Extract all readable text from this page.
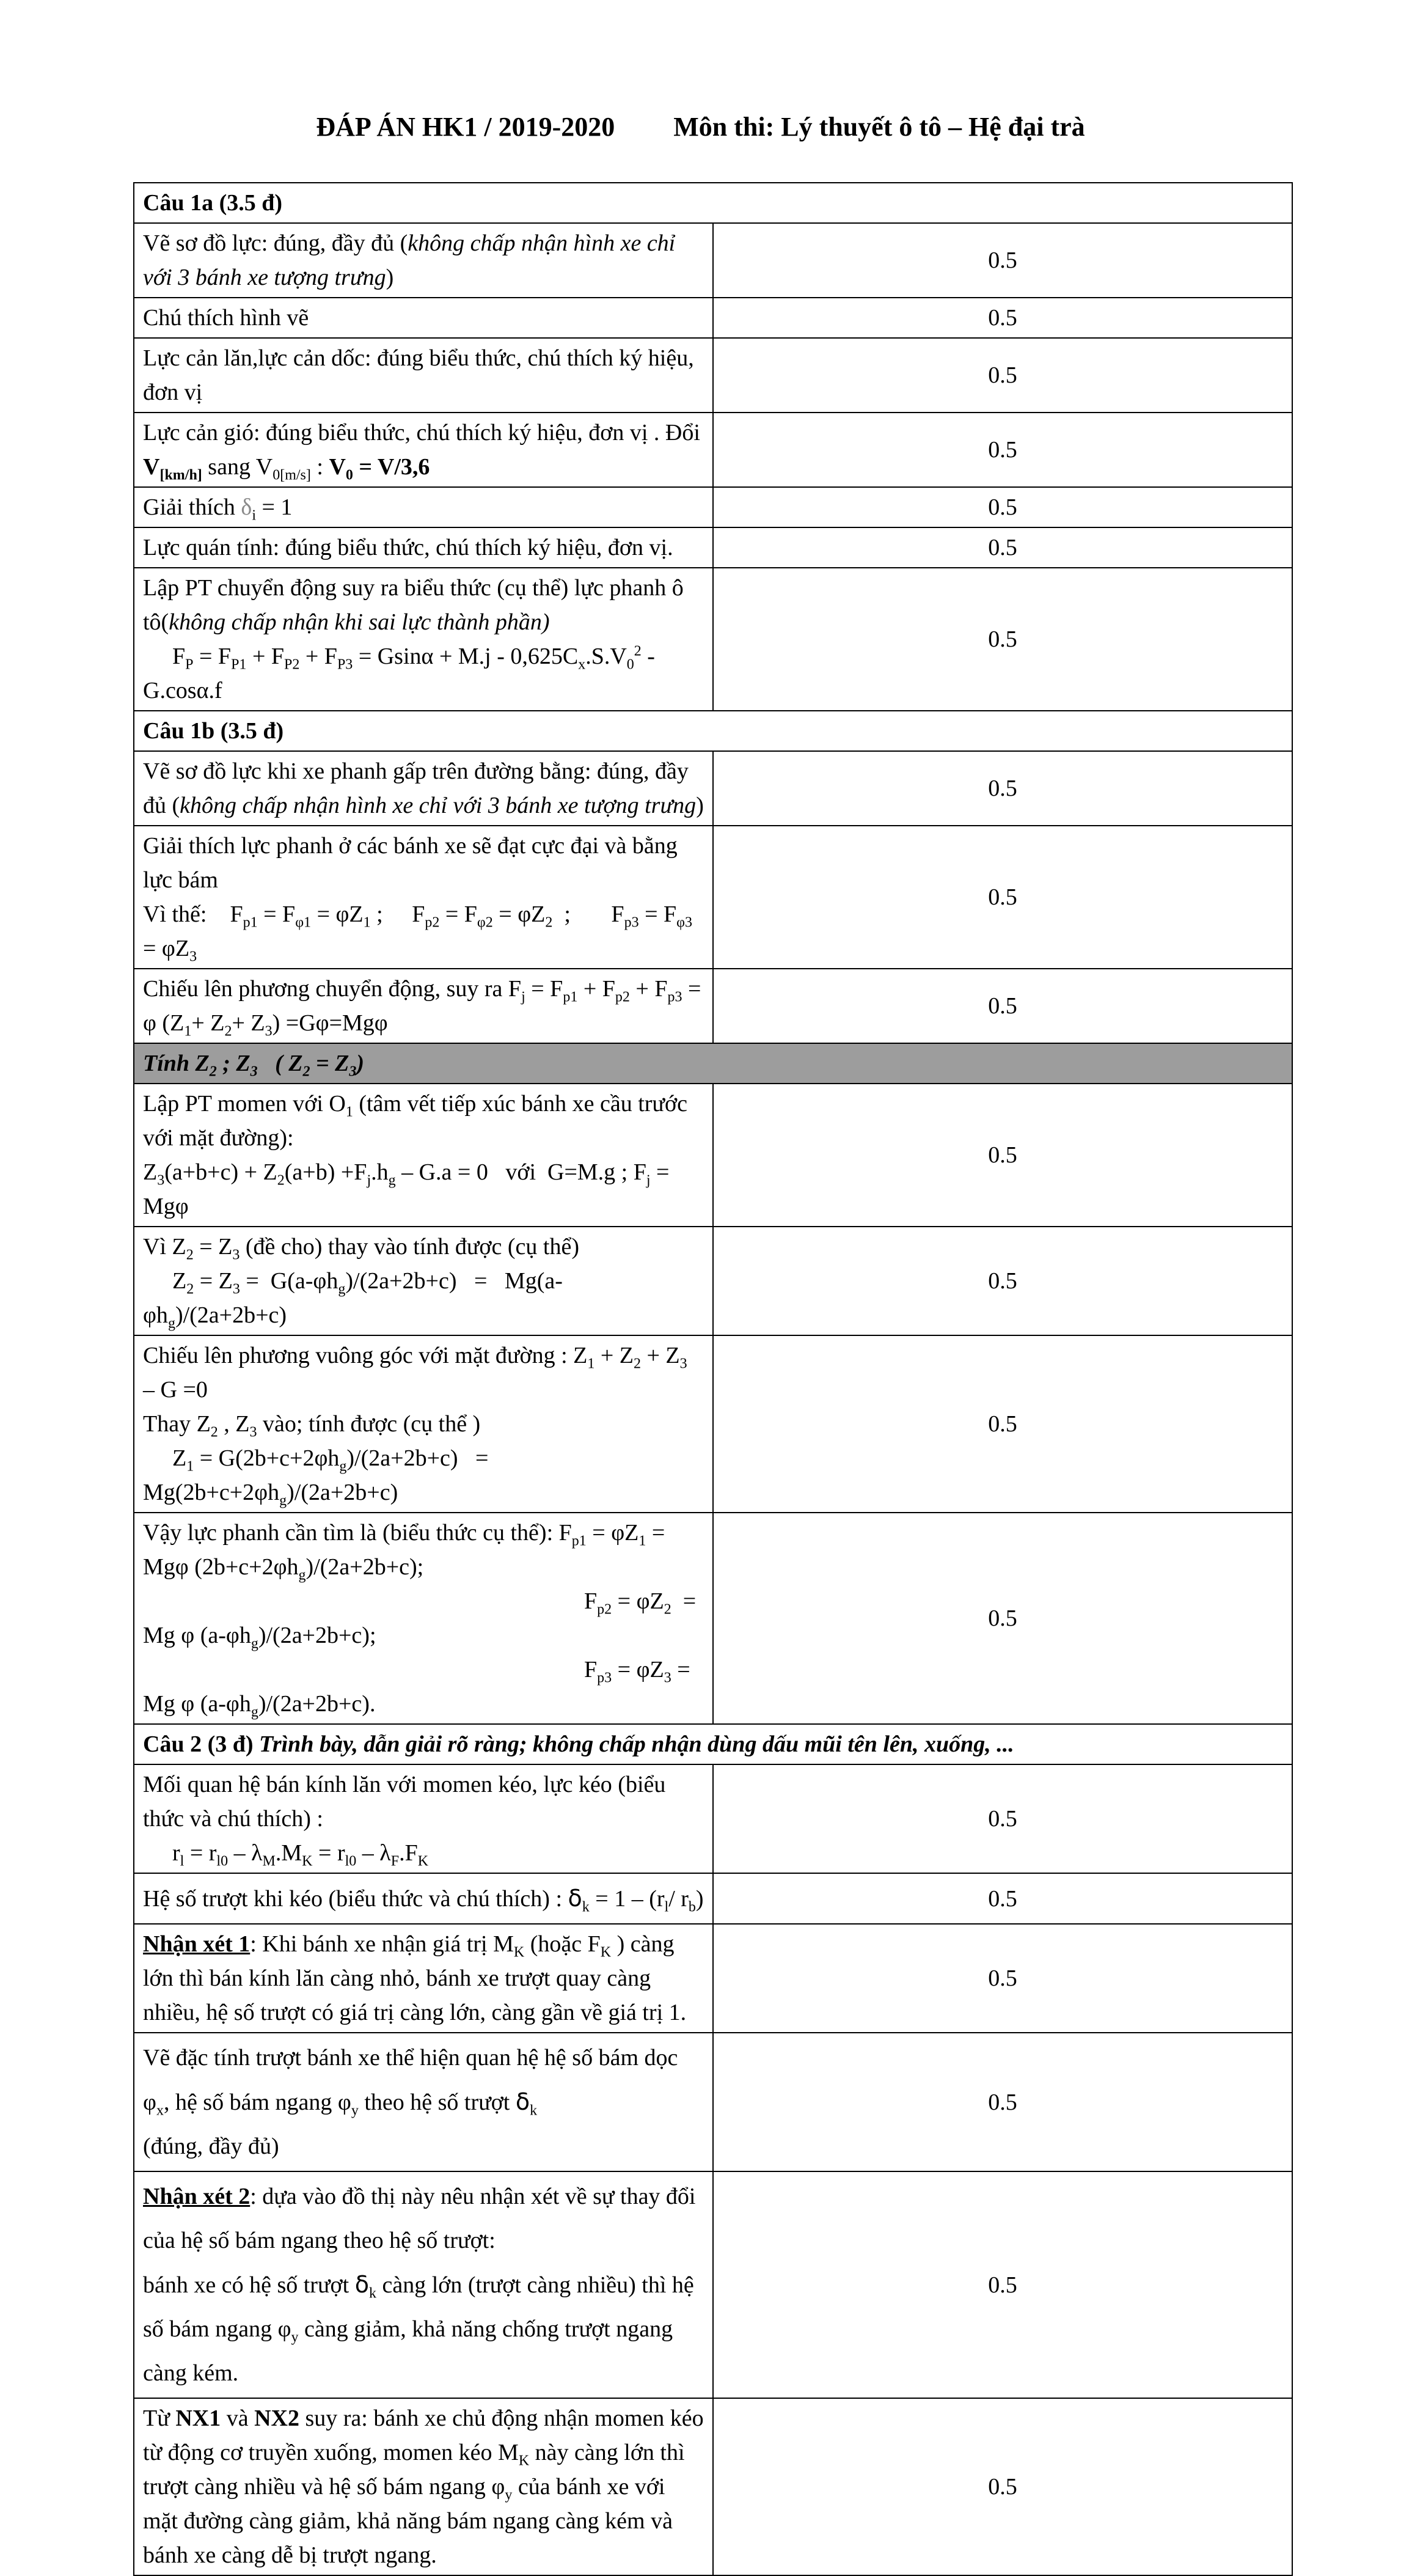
ĐÁP ÁN HK1 / 2019-2020 Môn thi: Lý thuyết ô tô – Hệ đại trà
Câu 1a (3.5 đ)	
Vẽ sơ đồ lực: đúng, đầy đủ (không chấp nhận hình xe chỉ với 3 bánh xe tượng trưng)	0.5
Chú thích hình vẽ	0.5
Lực cản lăn,lực cản dốc: đúng biểu thức, chú thích ký hiệu, đơn vị	0.5
Lực cản gió: đúng biểu thức, chú thích ký hiệu, đơn vị . Đổi $V_{[km/h]}$ sang $V_{0[m/s]}$ : $V_0 = V/3,6$	0.5
Giải thích $\delta_i = 1$	0.5
Lực quán tính: đúng biểu thức, chú thích ký hiệu, đơn vị.	0.5
Lập PT chuyển động suy ra biểu thức (cụ thể) lực phanh ô tô(không chấp nhận khi sai lực thành phần)
$F_P = F_{P1} + F_{P2} + F_{P3} = Gsin\alpha + M.j - 0,625C_x.S.V_0^2$ -G.cosα.f	0.5
Câu 1b (3.5 đ)	
Vẽ sơ đồ lực khi xe phanh gấp trên đường bằng: đúng, đầy đủ (không chấp nhận hình xe chỉ với 3 bánh xe tượng trưng)	0.5
Giải thích lực phanh ở các bánh xe sẽ đạt cực đại và bằng lực bám
Vì thế:    $F_{p1} = F_{\varphi 1} = \varphi Z_1$ ;     $F_{p2} = F_{\varphi 2} = \varphi Z_2$  ;       $F_{p3} = F_{\varphi 3} = \varphi Z_3$	0.5
Chiếu lên phương chuyển động, suy ra $F_j = F_{p1} + F_{p2} + F_{p3} = \varphi$ $(Z_1+ Z_2+ Z_3) =G\varphi=Mg\varphi$	0.5
Tính $Z_2$ ; $Z_3$   ( $Z_2 = Z_3$)	
Lập PT momen với $O_1$ (tâm vết tiếp xúc bánh xe cầu trước với mặt đường):
$Z_3(a+b+c) + Z_2(a+b) +F_j.h_g - G.a = 0$   với  G=M.g ; $F_j = Mg\varphi$	0.5
Vì $Z_2 = Z_3$ (đề cho) thay vào tính được (cụ thể)
$Z_2 = Z_3 = G(a-\varphi h_g)/(2a+2b+c) = Mg(a-\varphi h_g)/(2a+2b+c)$	0.5
Chiếu lên phương vuông góc với mặt đường : $Z_1 + Z_2 + Z_3 - G =0$
Thay $Z_2$ , $Z_3$ vào; tính được (cụ thể )
$Z_1 = G(2b+c+2\varphi h_g)/(2a+2b+c) = Mg(2b+c+2\varphi h_g)/(2a+2b+c)$	0.5
Vậy lực phanh cần tìm là (biểu thức cụ thể): $F_{p1} = \varphi Z_1 = Mg\varphi$ $(2b+c+2\varphi h_g)/(2a+2b+c)$;
$F_{p2} = \varphi Z_2 = Mg$ φ $(a-\varphi h_g)/(2a+2b+c)$;
$F_{p3} = \varphi Z_3 = Mg$ φ $(a-\varphi h_g)/(2a+2b+c)$.	0.5
Câu 2 (3 đ) Trình bày, dẫn giải rõ ràng; không chấp nhận dùng dấu mũi tên lên, xuống, ...	
Mối quan hệ bán kính lăn với momen kéo, lực kéo (biểu thức và chú thích) :
$r_l = r_{l0} - \lambda_M.M_K = r_{l0} - \lambda_F.F_K$	0.5
Hệ số trượt khi kéo (biểu thức và chú thích) : $\delta_k = 1 - (r_l/$ $r_b$)	0.5
Nhận xét 1: Khi bánh xe nhận giá trị $M_K$ (hoặc $F_K$ ) càng lớn thì bán kính lăn càng nhỏ, bánh xe trượt quay càng nhiều, hệ số trượt có giá trị càng lớn, càng gần về giá trị 1.	0.5
Vẽ đặc tính trượt bánh xe thể hiện quan hệ hệ số bám dọc $\varphi_x$, hệ số bám ngang $\varphi_y$ theo hệ số trượt $\delta_k$
(đúng, đầy đủ)	0.5
Nhận xét 2: dựa vào đồ thị này nêu nhận xét về sự thay đổi của hệ số bám ngang theo hệ số trượt:
bánh xe có hệ số trượt $\delta_k$ càng lớn (trượt càng nhiều) thì hệ số bám ngang $\varphi_y$ càng giảm, khả năng chống trượt ngang càng kém.	0.5
Từ NX1 và NX2 suy ra: bánh xe chủ động nhận momen kéo từ động cơ truyền xuống, momen kéo $M_K$ này càng lớn thì trượt càng nhiều và hệ số bám ngang $\varphi_y$ của bánh xe với mặt đường càng giảm, khả năng bám ngang càng kém và bánh xe càng dễ bị trượt ngang.	0.5
